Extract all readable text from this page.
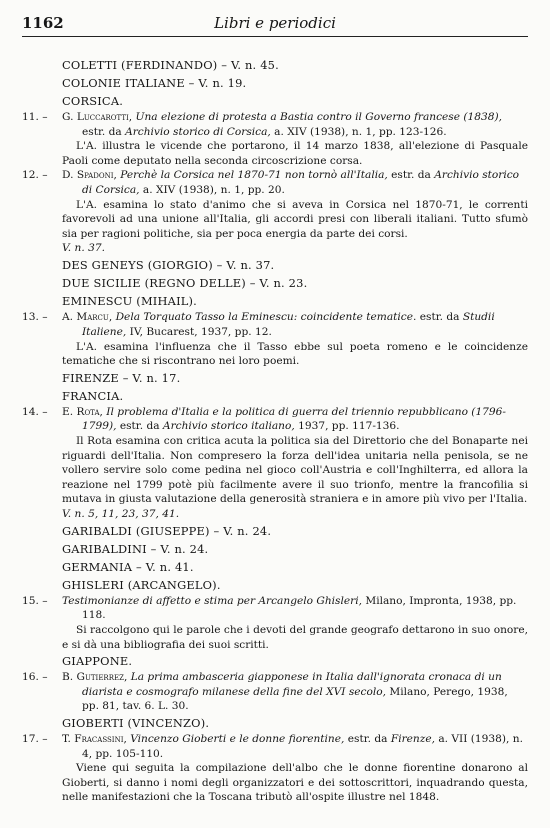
1162	Libri e periodici
COLETTI (FERDINANDO) – V. n. 45.
COLONIE ITALIANE – V. n. 19.
CORSICA.
11. –	G. Luccarotti, Una elezione di protesta a Bastia contro il Governo francese (1838), estr. da Archivio storico di Corsica, a. XIV (1938), n. 1, pp. 123-126.
L'A. illustra le vicende che portarono, il 14 marzo 1838, all'elezione di Pasquale Paoli come deputato nella seconda circoscrizione corsa.
12. –	D. Spadoni, Perchè la Corsica nel 1870-71 non tornò all'Italia, estr. da Archivio storico di Corsica, a. XIV (1938), n. 1, pp. 20.
L'A. esamina lo stato d'animo che si aveva in Corsica nel 1870-71, le correnti favorevoli ad una unione all'Italia, gli accordi presi con liberali italiani. Tutto sfumò sia per ragioni politiche, sia per poca energia da parte dei corsi.
V. n. 37.
DES GENEYS (GIORGIO) – V. n. 37.
DUE SICILIE (REGNO DELLE) – V. n. 23.
EMINESCU (MIHAIL).
13. –	A. Marcu, Dela Torquato Tasso la Eminescu: coincidente tematice. estr. da Studii Italiene, IV, Bucarest, 1937, pp. 12.
L'A. esamina l'influenza che il Tasso ebbe sul poeta romeno e le coincidenze tematiche che si riscontrano nei loro poemi.
FIRENZE – V. n. 17.
FRANCIA.
14. –	E. Rota, Il problema d'Italia e la politica di guerra del triennio repubblicano (1796-1799), estr. da Archivio storico italiano, 1937, pp. 117-136.
Il Rota esamina con critica acuta la politica sia del Direttorio che del Bonaparte nei riguardi dell'Italia. Non compresero la forza dell'idea unitaria nella penisola, se ne vollero servire solo come pedina nel gioco coll'Austria e coll'Inghilterra, ed allora la reazione nel 1799 potè più facilmente avere il suo trionfo, mentre la francofilia si mutava in giusta valutazione della generosità straniera e in amore più vivo per l'Italia.
V. n. 5, 11, 23, 37, 41.
GARIBALDI (GIUSEPPE) – V. n. 24.
GARIBALDINI – V. n. 24.
GERMANIA – V. n. 41.
GHISLERI (ARCANGELO).
15. –	Testimonianze di affetto e stima per Arcangelo Ghisleri, Milano, Impronta, 1938, pp. 118.
Si raccolgono qui le parole che i devoti del grande geografo dettarono in suo onore, e si dà una bibliografia dei suoi scritti.
GIAPPONE.
16. –	B. Gutierrez, La prima ambasceria giapponese in Italia dall'ignorata cronaca di un diarista e cosmografo milanese della fine del XVI secolo, Milano, Perego, 1938, pp. 81, tav. 6. L. 30.
GIOBERTI (VINCENZO).
17. –	T. Fracassini, Vincenzo Gioberti e le donne fiorentine, estr. da Firenze, a. VII (1938), n. 4, pp. 105-110.
Viene qui seguita la compilazione dell'albo che le donne fiorentine donarono al Gioberti, si danno i nomi degli organizzatori e dei sottoscrittori, inquadrando questa, nelle manifestazioni che la Toscana tributò all'ospite illustre nel 1848.
